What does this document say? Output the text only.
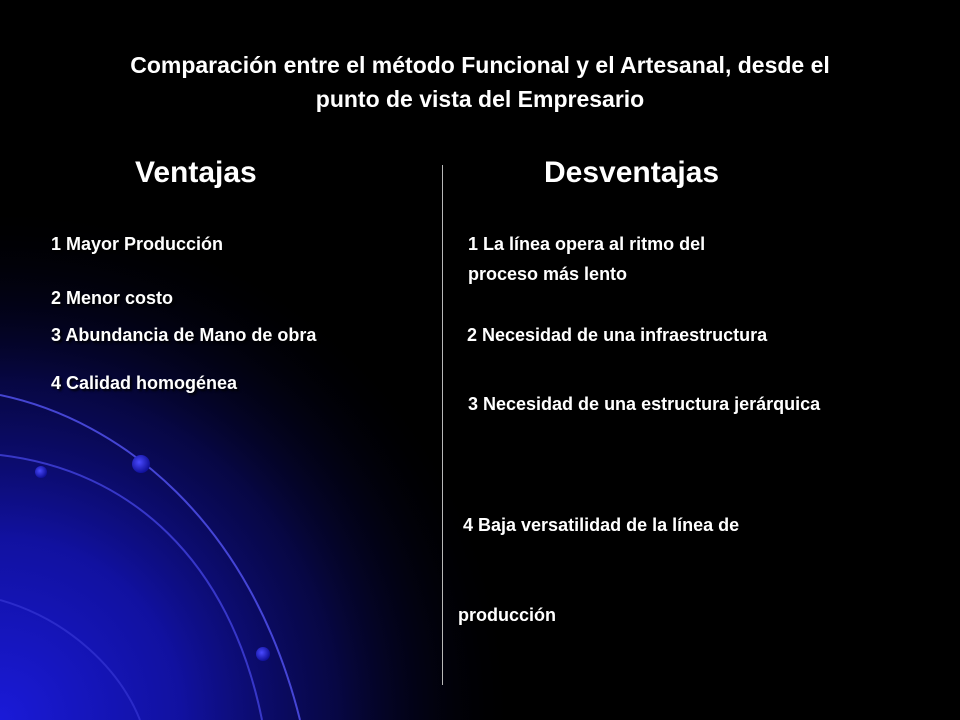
Comparación entre el método Funcional y el Artesanal, desde el
punto de vista del Empresario
Ventajas	Desventajas
1 Mayor Producción
2 Menor costo
3 Abundancia de Mano de obra
4 Calidad homogénea
1 La línea opera al ritmo del
proceso más lento
2 Necesidad de una infraestructura
3 Necesidad de una estructura jerárquica

4 Baja versatilidad de la línea de

producción
